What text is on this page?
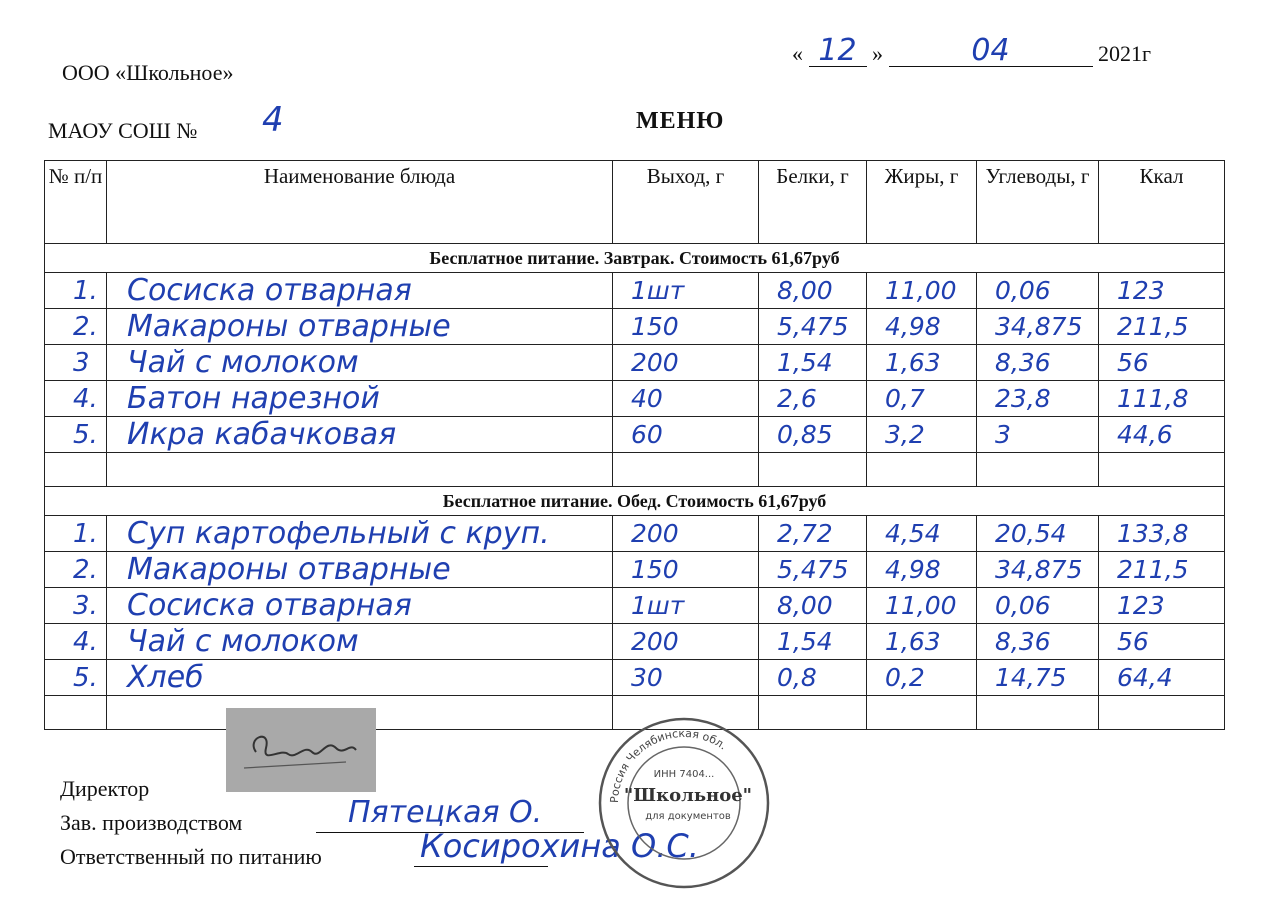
ООО «Школьное»
МАОУ СОШ № 4
« 12 »	04	2021г
МЕНЮ
№ п/п	Наименование блюда	Выход, г	Белки, г	Жиры, г	Углеводы, г	Ккал
Бесплатное питание. Завтрак. Стоимость 61,67руб						
1.	Сосиска отварная	1шт	8,00	11,00	0,06	123
2.	Макароны отварные	150	5,475	4,98	34,875	211,5
3	Чай с молоком	200	1,54	1,63	8,36	56
4.	Батон нарезной	40	2,6	0,7	23,8	111,8
5.	Икра кабачковая	60	0,85	3,2	3	44,6

Бесплатное питание. Обед. Стоимость 61,67руб						
1.	Суп картофельный с круп.	200	2,72	4,54	20,54	133,8
2.	Макароны отварные	150	5,475	4,98	34,875	211,5
3.	Сосиска отварная	1шт	8,00	11,00	0,06	123
4.	Чай с молоком	200	1,54	1,63	8,36	56
5.	Хлеб	30	0,8	0,2	14,75	64,4

Директор
Зав. производством	Пятецкая О.
Ответственный по питанию	Косирохина О.С.
Россия Челябинская обл.
ИНН 7404...
"Школьное"
для документов
